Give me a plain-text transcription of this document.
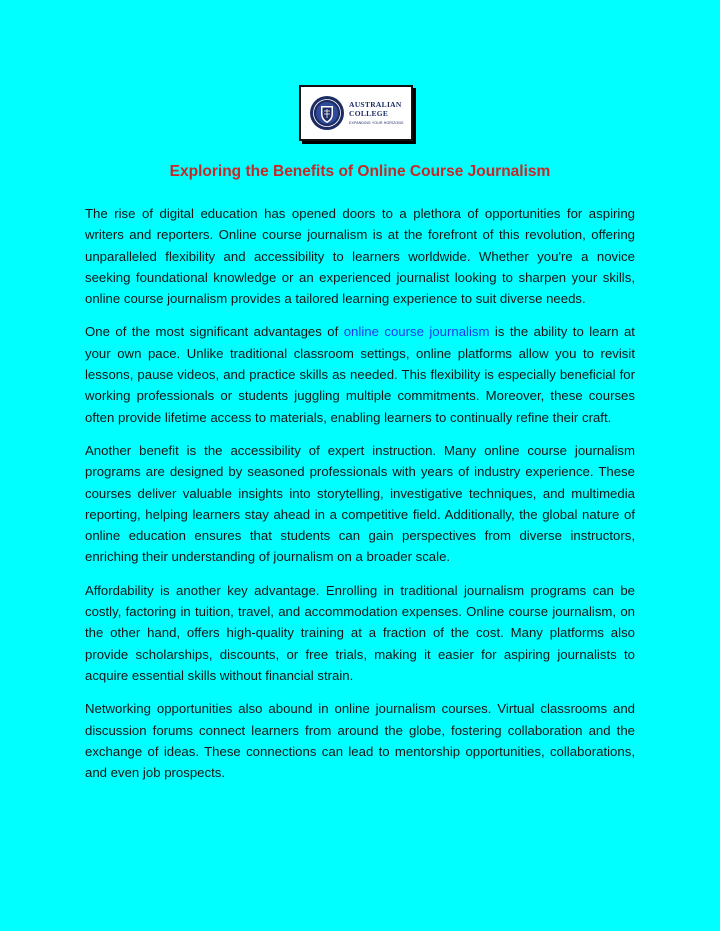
AUSTRALIAN
COLLEGE
EXPANDING YOUR HORIZONS
Exploring the Benefits of Online Course Journalism

The rise of digital education has opened doors to a plethora of opportunities for aspiring writers and reporters. Online course journalism is at the forefront of this revolution, offering unparalleled flexibility and accessibility to learners worldwide. Whether you're a novice seeking foundational knowledge or an experienced journalist looking to sharpen your skills, online course journalism provides a tailored learning experience to suit diverse needs.

One of the most significant advantages of online course journalism is the ability to learn at your own pace. Unlike traditional classroom settings, online platforms allow you to revisit lessons, pause videos, and practice skills as needed. This flexibility is especially beneficial for working professionals or students juggling multiple commitments. Moreover, these courses often provide lifetime access to materials, enabling learners to continually refine their craft.

Another benefit is the accessibility of expert instruction. Many online course journalism programs are designed by seasoned professionals with years of industry experience. These courses deliver valuable insights into storytelling, investigative techniques, and multimedia reporting, helping learners stay ahead in a competitive field. Additionally, the global nature of online education ensures that students can gain perspectives from diverse instructors, enriching their understanding of journalism on a broader scale.

Affordability is another key advantage. Enrolling in traditional journalism programs can be costly, factoring in tuition, travel, and accommodation expenses. Online course journalism, on the other hand, offers high-quality training at a fraction of the cost. Many platforms also provide scholarships, discounts, or free trials, making it easier for aspiring journalists to acquire essential skills without financial strain.

Networking opportunities also abound in online journalism courses. Virtual classrooms and discussion forums connect learners from around the globe, fostering collaboration and the exchange of ideas. These connections can lead to mentorship opportunities, collaborations, and even job prospects.
